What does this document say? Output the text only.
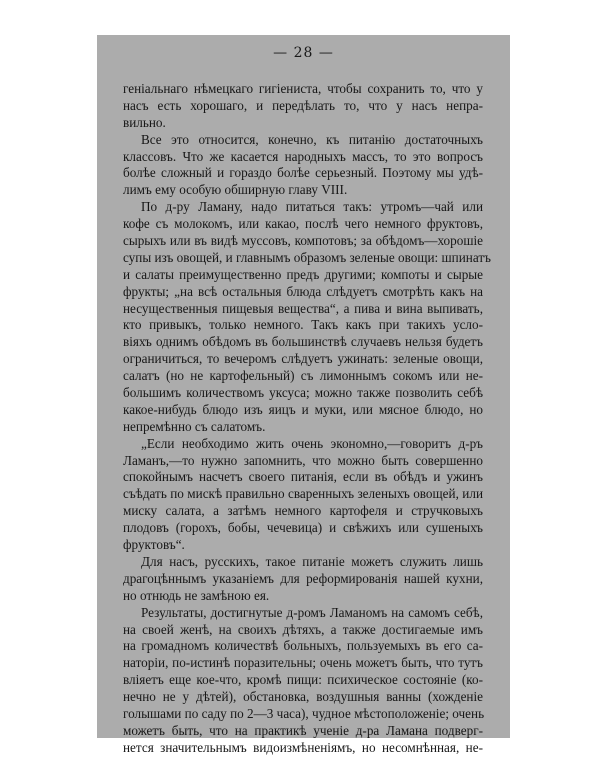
— 28 —
геніальнаго нѣмецкаго гигіениста, чтобы сохранить то, что у
насъ есть хорошаго, и передѣлать то, что у насъ непра-
вильно.
Все это относится, конечно, къ питанію достаточныхъ
классовъ. Что же касается народныхъ массъ, то это вопросъ
болѣе сложный и гораздо болѣе серьезный. Поэтому мы удѣ-
лимъ ему особую обширную главу VIII.
По д-ру Ламану, надо питаться такъ: утромъ—чай или
кофе съ молокомъ, или какао, послѣ чего немного фруктовъ,
сырыхъ или въ видѣ муссовъ, компотовъ; за обѣдомъ—хорошіе
супы изъ овощей, и главнымъ образомъ зеленые овощи: шпинатъ
и салаты преимущественно предъ другими; компоты и сырые
фрукты; „на всѣ остальныя блюда слѣдуетъ смотрѣть какъ на
несущественныя пищевыя вещества“, а пива и вина выпивать,
кто привыкъ, только немного. Такъ какъ при такихъ усло-
віяхъ однимъ обѣдомъ въ большинствѣ случаевъ нельзя будетъ
ограничиться, то вечеромъ слѣдуетъ ужинать: зеленые овощи,
салатъ (но не картофельный) съ лимоннымъ сокомъ или не-
большимъ количествомъ уксуса; можно также позволить себѣ
какое-нибудь блюдо изъ яицъ и муки, или мясное блюдо, но
непремѣнно съ салатомъ.
„Если необходимо жить очень экономно,—говоритъ д-ръ
Ламанъ,—то нужно запомнить, что можно быть совершенно
спокойнымъ насчетъ своего питанія, если въ обѣдъ и ужинъ
съѣдать по мискѣ правильно сваренныхъ зеленыхъ овощей, или
миску салата, а затѣмъ немного картофеля и стручковыхъ
плодовъ (горохъ, бобы, чечевица) и свѣжихъ или сушеныхъ
фруктовъ“.
Для насъ, русскихъ, такое питаніе можетъ служить лишь
драгоцѣннымъ указаніемъ для реформированія нашей кухни,
но отнюдь не замѣною ея.
Результаты, достигнутые д-ромъ Ламаномъ на самомъ себѣ,
на своей женѣ, на своихъ дѣтяхъ, а также достигаемые имъ
на громадномъ количествѣ больныхъ, пользуемыхъ въ его са-
наторіи, по-истинѣ поразительны; очень можетъ быть, что тутъ
вліяетъ еще кое-что, кромѣ пищи: психическое состояніе (ко-
нечно не у дѣтей), обстановка, воздушныя ванны (хожденіе
голышами по саду по 2—3 часа), чудное мѣстоположеніе; очень
можетъ быть, что на практикѣ ученіе д-ра Ламана подверг-
нется значительнымъ видоизмѣненіямъ, но несомнѣнная, не-
